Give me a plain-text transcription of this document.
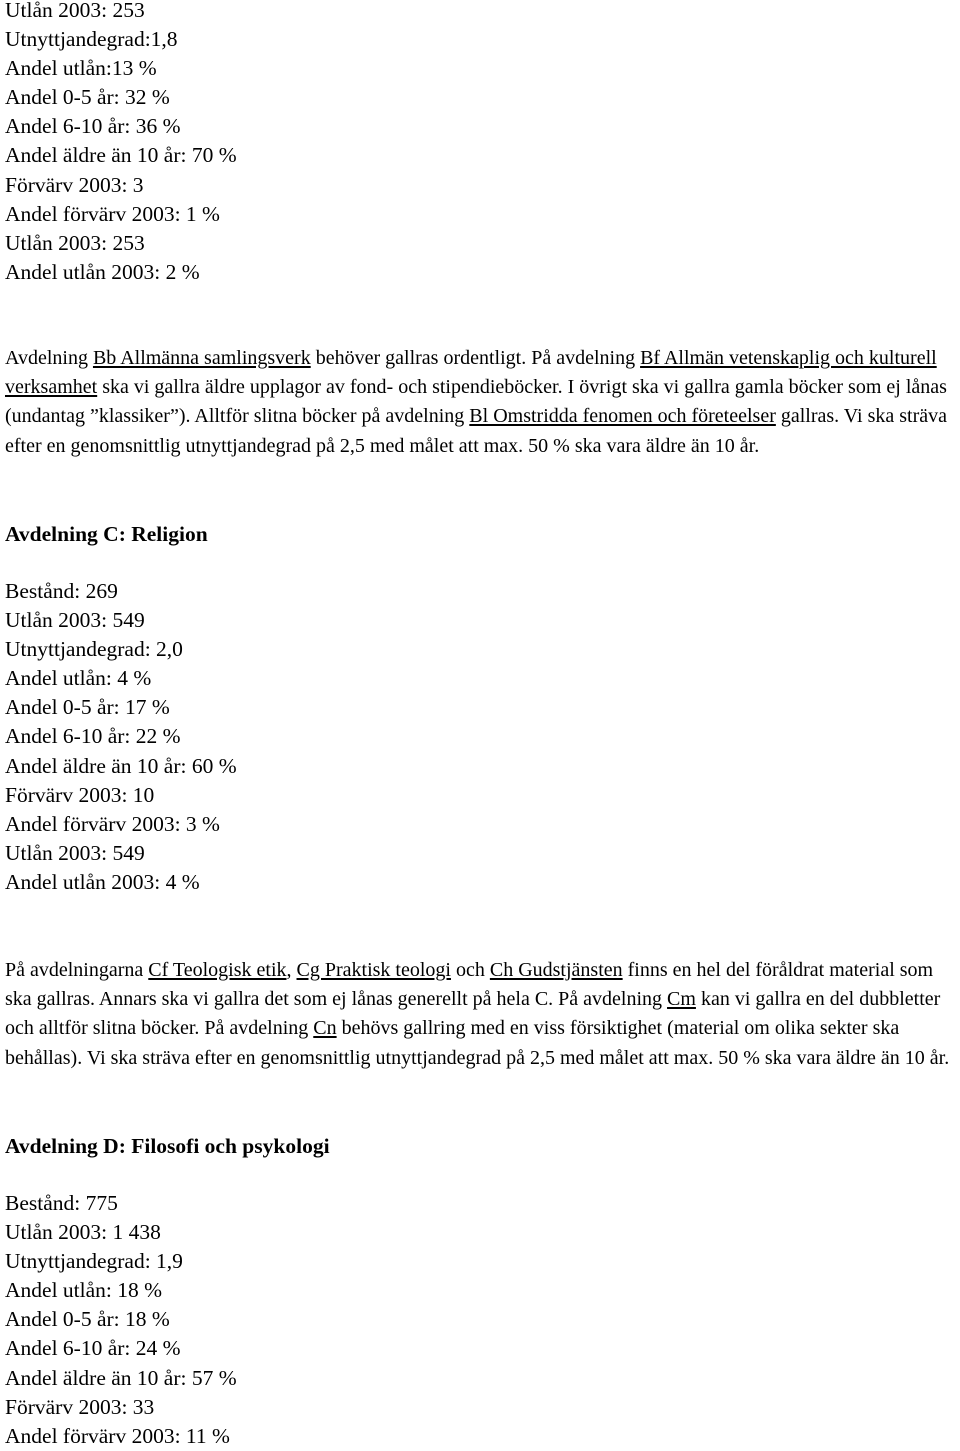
Utlån 2003: 253
Utnyttjandegrad:1,8
Andel utlån:13 %
Andel 0-5 år: 32 %
Andel 6-10 år: 36 %
Andel äldre än 10 år: 70 %
Förvärv 2003: 3
Andel förvärv 2003: 1 %
Utlån 2003: 253
Andel utlån 2003: 2 %

Avdelning Bb Allmänna samlingsverk behöver gallras ordentligt. På avdelning Bf Allmän vetenskaplig och kulturell verksamhet ska vi gallra äldre upplagor av fond- och stipendieböcker. I övrigt ska vi gallra gamla böcker som ej lånas (undantag ”klassiker”). Alltför slitna böcker på avdelning Bl Omstridda fenomen och företeelser gallras. Vi ska sträva efter en genomsnittlig utnyttjandegrad på 2,5 med målet att max. 50 % ska vara äldre än 10 år.

Avdelning C: Religion
Bestånd: 269
Utlån 2003: 549
Utnyttjandegrad: 2,0
Andel utlån: 4 %
Andel 0-5 år: 17 %
Andel 6-10 år: 22 %
Andel äldre än 10 år: 60 %
Förvärv 2003: 10
Andel förvärv 2003: 3 %
Utlån 2003: 549
Andel utlån 2003: 4 %

På avdelningarna Cf Teologisk etik, Cg Praktisk teologi och Ch Gudstjänsten finns en hel del föråldrat material som ska gallras. Annars ska vi gallra det som ej lånas generellt på hela C. På avdelning Cm kan vi gallra en del dubbletter och alltför slitna böcker. På avdelning Cn behövs gallring med en viss försiktighet (material om olika sekter ska behållas). Vi ska sträva efter en genomsnittlig utnyttjandegrad på 2,5 med målet att max. 50 % ska vara äldre än 10 år.

Avdelning D: Filosofi och psykologi
Bestånd: 775
Utlån 2003: 1 438
Utnyttjandegrad: 1,9
Andel utlån: 18 %
Andel 0-5 år: 18 %
Andel 6-10 år: 24 %
Andel äldre än 10 år: 57 %
Förvärv 2003: 33
Andel förvärv 2003: 11 %
